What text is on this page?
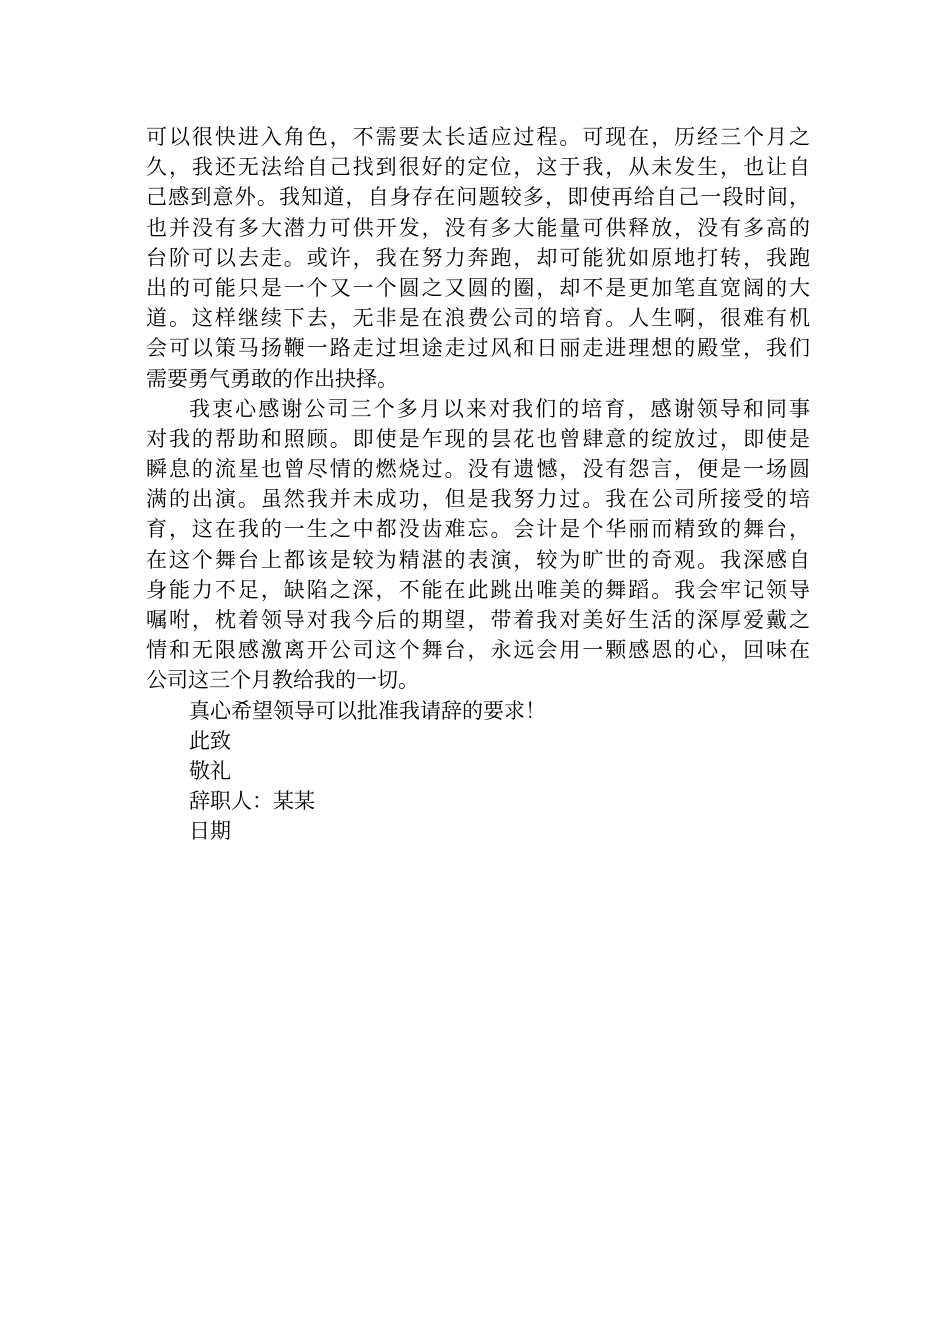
可以很快进入角色，不需要太长适应过程。可现在，历经三个月之
久，我还无法给自己找到很好的定位，这于我，从未发生，也让自
己感到意外。我知道，自身存在问题较多，即使再给自己一段时间，
也并没有多大潜力可供开发，没有多大能量可供释放，没有多高的
台阶可以去走。或许，我在努力奔跑，却可能犹如原地打转，我跑
出的可能只是一个又一个圆之又圆的圈，却不是更加笔直宽阔的大
道。这样继续下去，无非是在浪费公司的培育。人生啊，很难有机
会可以策马扬鞭一路走过坦途走过风和日丽走进理想的殿堂，我们
需要勇气勇敢的作出抉择。
我衷心感谢公司三个多月以来对我们的培育，感谢领导和同事
对我的帮助和照顾。即使是乍现的昙花也曾肆意的绽放过，即使是
瞬息的流星也曾尽情的燃烧过。没有遗憾，没有怨言，便是一场圆
满的出演。虽然我并未成功，但是我努力过。我在公司所接受的培
育，这在我的一生之中都没齿难忘。会计是个华丽而精致的舞台，
在这个舞台上都该是较为精湛的表演，较为旷世的奇观。我深感自
身能力不足，缺陷之深，不能在此跳出唯美的舞蹈。我会牢记领导
嘱咐，枕着领导对我今后的期望，带着我对美好生活的深厚爱戴之
情和无限感激离开公司这个舞台，永远会用一颗感恩的心，回味在
公司这三个月教给我的一切。
真心希望领导可以批准我请辞的要求！
此致
敬礼
辞职人：某某
日期
